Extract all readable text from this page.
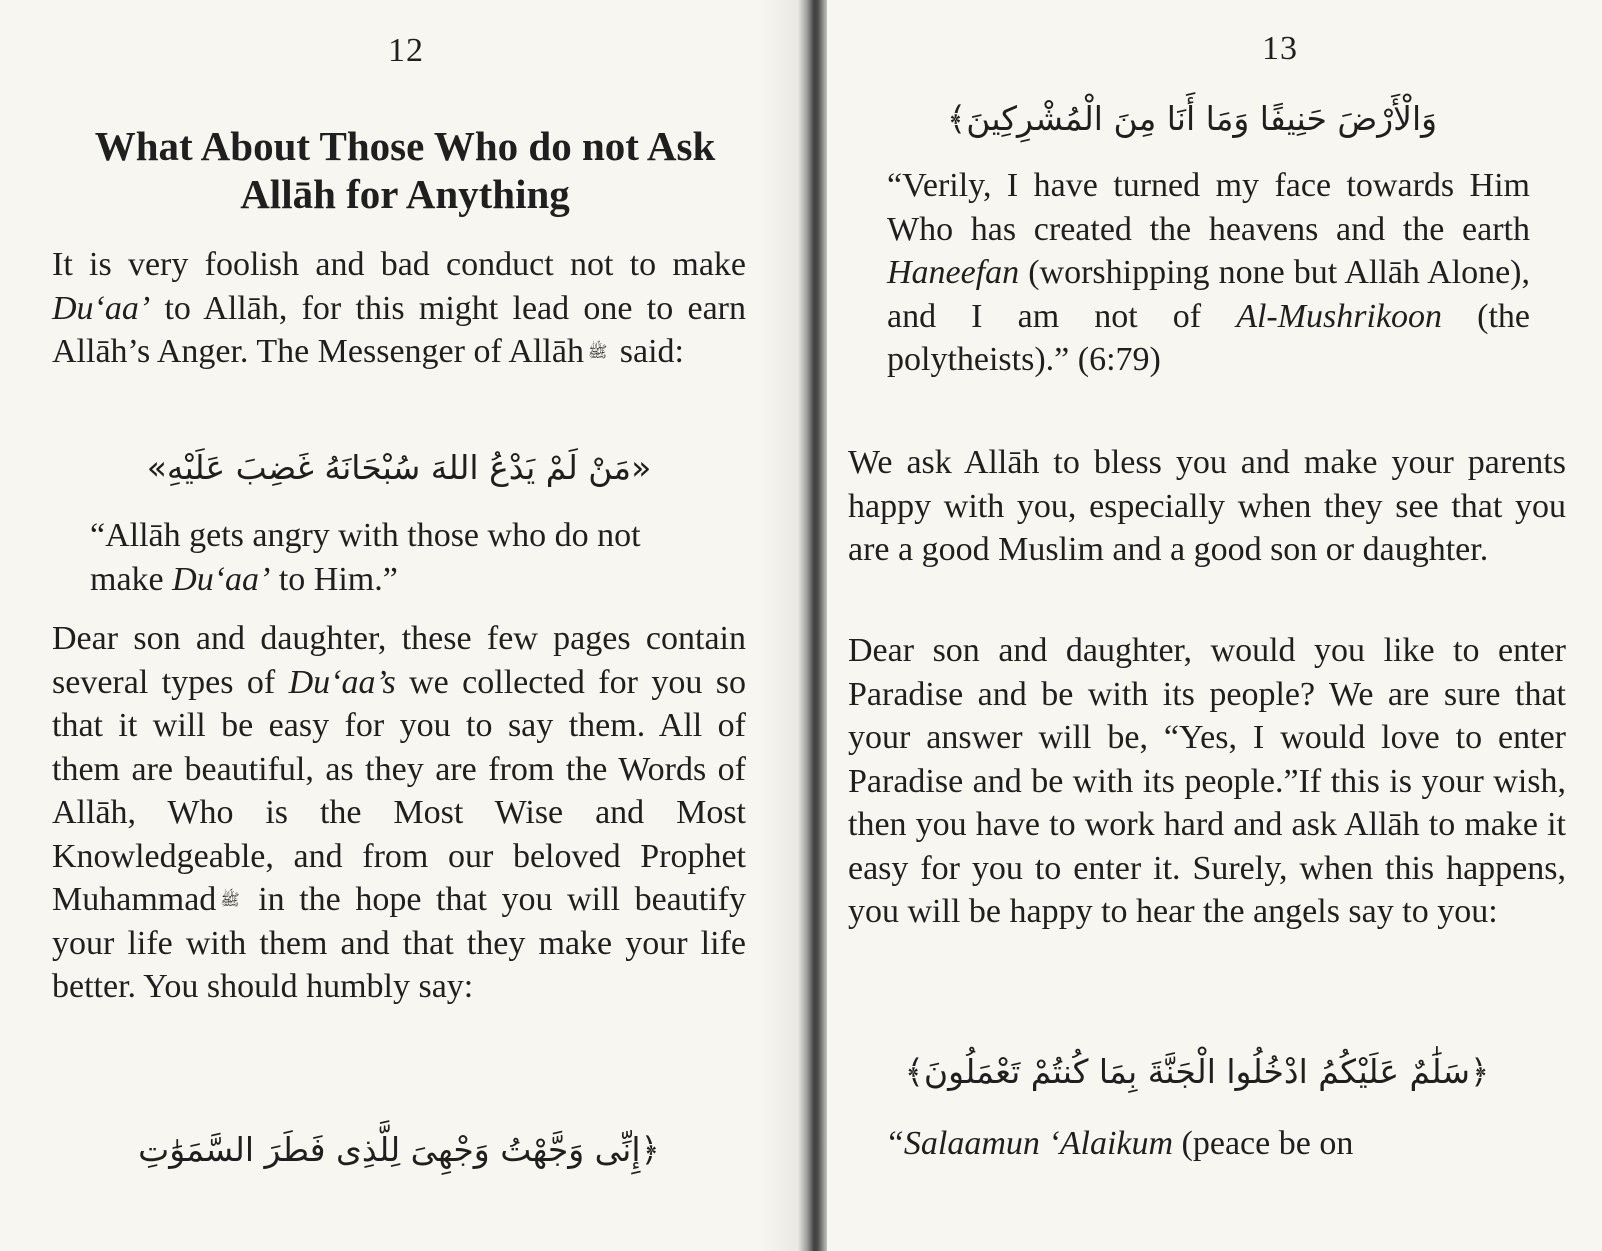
12
What About Those Who do not Ask Allāh for Anything

It is very foolish and bad conduct not to make Du‘aa’ to Allāh, for this might lead one to earn Allāh’s Anger. The Messenger of Allāh ﷺ said:

«مَنْ لَمْ يَدْعُ اللهَ سُبْحَانَهُ غَضِبَ عَلَيْهِ»

“Allāh gets angry with those who do not make Du‘aa’ to Him.”

Dear son and daughter, these few pages contain several types of Du‘aa’s we collected for you so that it will be easy for you to say them. All of them are beautiful, as they are from the Words of Allāh, Who is the Most Wise and Most Knowledgeable, and from our beloved Prophet Muhammad ﷺ in the hope that you will beautify your life with them and that they make your life better. You should humbly say:

﴿إِنِّى وَجَّهْتُ وَجْهِىَ لِلَّذِى فَطَرَ السَّمَوَٰتِ
13
وَالْأَرْضَ حَنِيفًا وَمَا أَنَا مِنَ الْمُشْرِكِينَ﴾

“Verily, I have turned my face towards Him Who has created the heavens and the earth Haneefan (worshipping none but Allāh Alone), and I am not of Al-Mushrikoon (the polytheists).” (6:79)

We ask Allāh to bless you and make your parents happy with you, especially when they see that you are a good Muslim and a good son or daughter.

Dear son and daughter, would you like to enter Paradise and be with its people? We are sure that your answer will be, “Yes, I would love to enter Paradise and be with its people.”If this is your wish, then you have to work hard and ask Allāh to make it easy for you to enter it. Surely, when this happens, you will be happy to hear the angels say to you:

﴿سَلَٰمٌ عَلَيْكُمُ ادْخُلُوا الْجَنَّةَ بِمَا كُنتُمْ تَعْمَلُونَ﴾

“Salaamun ‘Alaikum (peace be on
